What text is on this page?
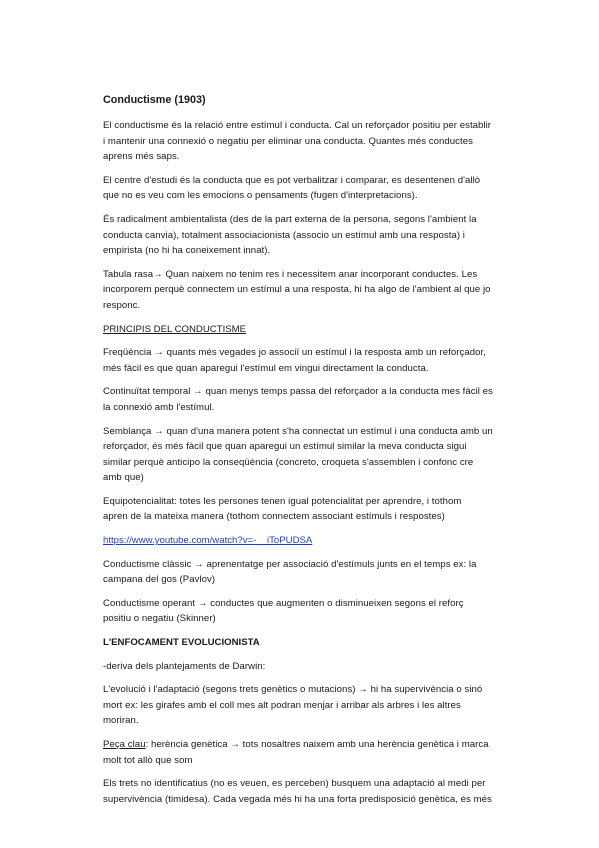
Conductisme (1903)

El conductisme és la relació entre estímul i conducta. Cal un reforçador positiu per establir
i mantenir una connexió o negatiu per eliminar una conducta. Quantes més conductes
aprens més saps.

El centre d'estudi és la conducta que es pot verbalitzar i comparar, es desentenen d'allò
que no es veu com les emocions o pensaments (fugen d'interpretacions).

És radicalment ambientalista (des de la part externa de la persona, segons l'ambient la
conducta canvia), totalment associacionista (associo un estímul amb una resposta) i
empirista (no hi ha coneixement innat).

Tabula rasa→ Quan naixem no tenim res i necessitem anar incorporant conductes. Les
incorporem perquè connectem un estímul a una resposta, hi ha algo de l'ambient al que jo
responc.

PRINCIPIS DEL CONDUCTISME

Freqüència → quants més vegades jo associï un estímul i la resposta amb un reforçador,
més fàcil es que quan aparegui l'estímul em vingui directament la conducta.

Continuïtat temporal → quan menys temps passa del reforçador a la conducta mes fàcil es
la connexió amb l'estímul.

Semblança → quan d'una manera potent s'ha connectat un estímul i una conducta amb un
reforçador, és més fàcil que quan aparegui un estímul similar la meva conducta sigui
similar perquè anticipo la conseqüència (concreto, croqueta s'assemblen i confonc cre
amb que)

Equipotencialitat: totes les persones tenen igual potencialitat per aprendre, i tothom
apren de la mateixa manera (tothom connectem associant estímuls i respostes)

https://www.youtube.com/watch?v=-__iToPUDSA

Conductisme clàssic → aprenentatge per associació d'estímuls junts en el temps ex: la
campana del gos (Pavlov)

Conductisme operant → conductes que augmenten o disminueixen segons el reforç
positiu o negatiu (Skinner)

L'ENFOCAMENT EVOLUCIONISTA

-deriva dels plantejaments de Darwin:

L'evolució i l'adaptació (segons trets genètics o mutacions) → hi ha supervivència o sinó
mort ex: les girafes amb el coll mes alt podran menjar i arribar als arbres i les altres
moriran.

Peça clau: herència genètica → tots nosaltres naixem amb una herència genètica i marca
molt tot allò que som

Els trets no identificatius (no es veuen, es perceben) busquem una adaptació al medi per
supervivència (timidesa). Cada vegada més hi ha una forta predisposició genètica, és més
